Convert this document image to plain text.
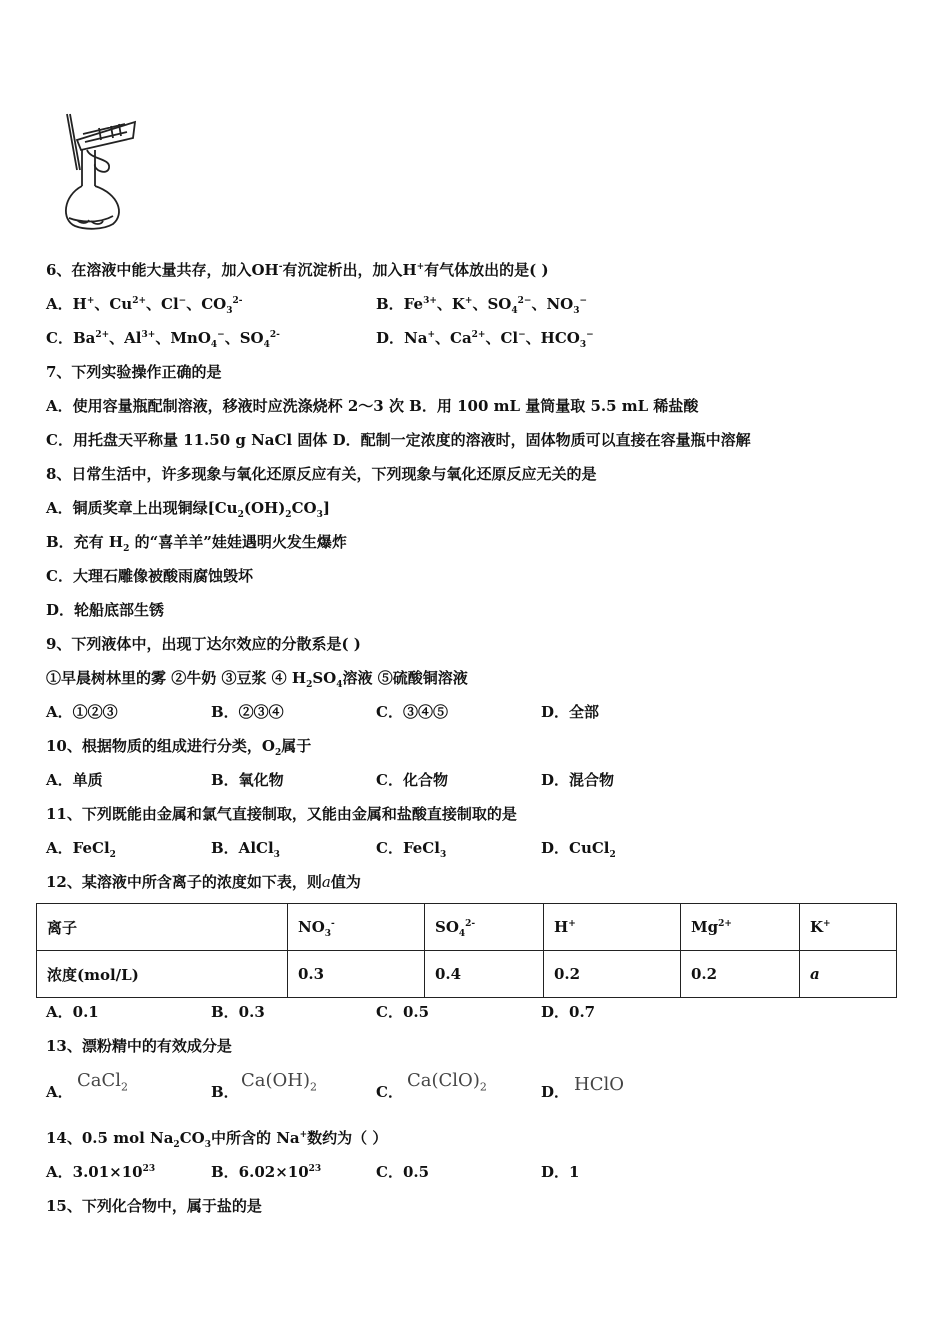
6、在溶液中能大量共存，加入OH-有沉淀析出，加入H+有气体放出的是( )
A．H+、$Cu^{2+}$、Cl−、$CO_3^{2-}$	B．$Fe^{3+}$、K+、$SO_4^{2-}$、$NO_3^-$
C．$Ba^{2+}$、$Al^{3+}$、MnO$_4$−、$SO_4^{2-}$	D．Na+、$Ca^{2+}$、Cl−、$HCO_3^-$
7、下列实验操作正确的是
A．使用容量瓶配制溶液，移液时应洗涤烧杯 2～3 次 B．用 100 mL 量筒量取 5.5 mL 稀盐酸
C．用托盘天平称量 11.50 g NaCl 固体 D．配制一定浓度的溶液时，固体物质可以直接在容量瓶中溶解
8、日常生活中，许多现象与氧化还原反应有关，下列现象与氧化还原反应无关的是
A．铜质奖章上出现铜绿$[Cu_2(OH)_2CO_3]$
B．充有 $H_2$ 的“喜羊羊”娃娃遇明火发生爆炸
C．大理石雕像被酸雨腐蚀毁坏
D．轮船底部生锈
9、下列液体中，出现丁达尔效应的分散系是( )
①早晨树林里的雾 ②牛奶 ③豆浆 ④ $H_2SO_4$溶液 ⑤硫酸铜溶液
A．①②③	B．②③④	C．③④⑤	D．全部
10、根据物质的组成进行分类，$O_2$属于
A．单质	B．氧化物	C．化合物	D．混合物
11、下列既能由金属和氯气直接制取，又能由金属和盐酸直接制取的是
A．FeCl$_2$	B．AlCl$_3$	C．FeCl$_3$	D．CuCl$_2$
12、某溶液中所含离子的浓度如下表，则a值为
离子	$NO_3^-$	$SO_4^{2-}$	H+	$Mg^{2+}$	K+
浓度(mol/L)	0.3	0.4	0.2	0.2	a
A．0.1	B．0.3	C．0.5	D．0.7
13、漂粉精中的有效成分是
A．
CaCl$_2$	B．
$Ca(OH)_2$	C．
$Ca(ClO)_2$	D． HClO
14、0.5 mol $Na_2CO_3$中所含的 Na+数约为（ ）
A．$3.01\times 10^{23}$	B．$6.02\times 10^{23}$	C．0.5	D．1
15、下列化合物中，属于盐的是
